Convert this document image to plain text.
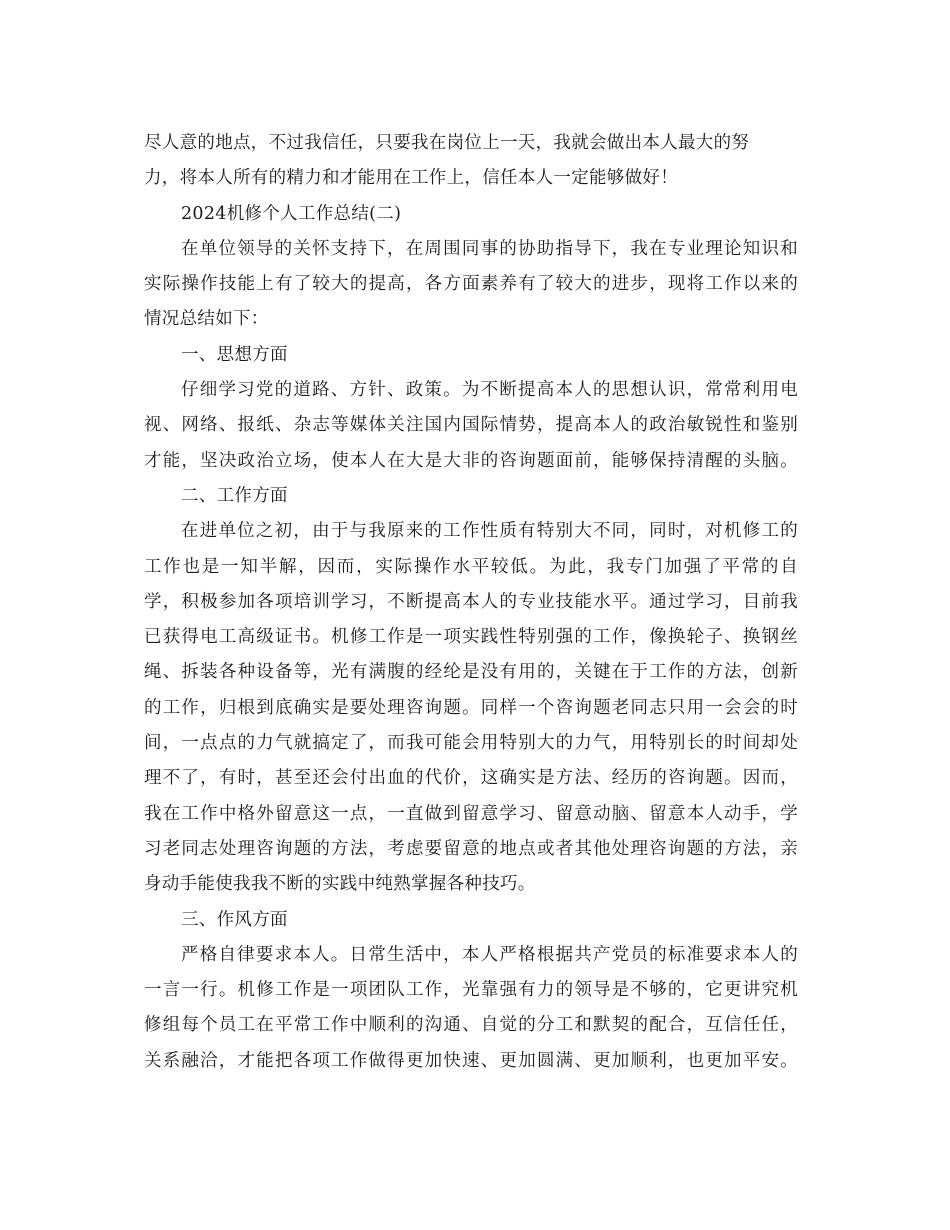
尽人意的地点，不过我信任，只要我在岗位上一天，我就会做出本人最大的努
力，将本人所有的精力和才能用在工作上，信任本人一定能够做好！
2024机修个人工作总结(二)
在单位领导的关怀支持下，在周围同事的协助指导下，我在专业理论知识和
实际操作技能上有了较大的提高，各方面素养有了较大的进步，现将工作以来的
情况总结如下：
一、思想方面
仔细学习党的道路、方针、政策。为不断提高本人的思想认识，常常利用电
视、网络、报纸、杂志等媒体关注国内国际情势，提高本人的政治敏锐性和鉴别
才能，坚决政治立场，使本人在大是大非的咨询题面前，能够保持清醒的头脑。
二、工作方面
在进单位之初，由于与我原来的工作性质有特别大不同，同时，对机修工的
工作也是一知半解，因而，实际操作水平较低。为此，我专门加强了平常的自
学，积极参加各项培训学习，不断提高本人的专业技能水平。通过学习，目前我
已获得电工高级证书。机修工作是一项实践性特别强的工作，像换轮子、换钢丝
绳、拆装各种设备等，光有满腹的经纶是没有用的，关键在于工作的方法，创新
的工作，归根到底确实是要处理咨询题。同样一个咨询题老同志只用一会会的时
间，一点点的力气就搞定了，而我可能会用特别大的力气，用特别长的时间却处
理不了，有时，甚至还会付出血的代价，这确实是方法、经历的咨询题。因而，
我在工作中格外留意这一点，一直做到留意学习、留意动脑、留意本人动手，学
习老同志处理咨询题的方法，考虑要留意的地点或者其他处理咨询题的方法，亲
身动手能使我我不断的实践中纯熟掌握各种技巧。
三、作风方面
严格自律要求本人。日常生活中，本人严格根据共产党员的标准要求本人的
一言一行。机修工作是一项团队工作，光靠强有力的领导是不够的，它更讲究机
修组每个员工在平常工作中顺利的沟通、自觉的分工和默契的配合，互信任任，
关系融洽，才能把各项工作做得更加快速、更加圆满、更加顺利，也更加平安。
